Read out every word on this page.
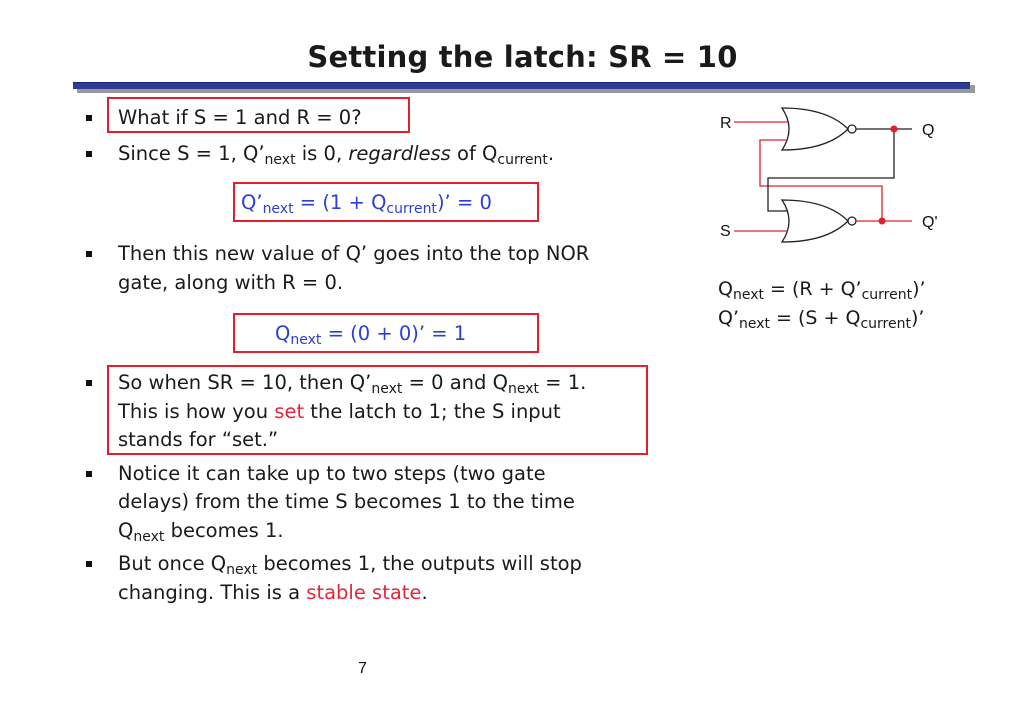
Setting the latch: SR = 10
What if S = 1 and R = 0?
Since S = 1, $Q’_{next}$ is 0, regardless of $Q_{current}$.
$Q’_{next} = (1 + Q_{current})$’ = 0
Then this new value of Q’ goes into the top NOR
gate, along with R = 0.
$Q_{next} = (0 + 0)$’ = 1
So when SR = 10, then $Q’_{next} = 0$ and $Q_{next} = 1$.
This is how you set the latch to 1; the S input
stands for “set.”
Notice it can take up to two steps (two gate
delays) from the time S becomes 1 to the time
$Q_{next}$ becomes 1.
But once $Q_{next}$ becomes 1, the outputs will stop
changing. This is a stable state.
R
S
Q
Q'
$Q_{next} = (R$ + $Q’_{current}$)’
$Q’_{next} = (S + Q_{current})$’
7
